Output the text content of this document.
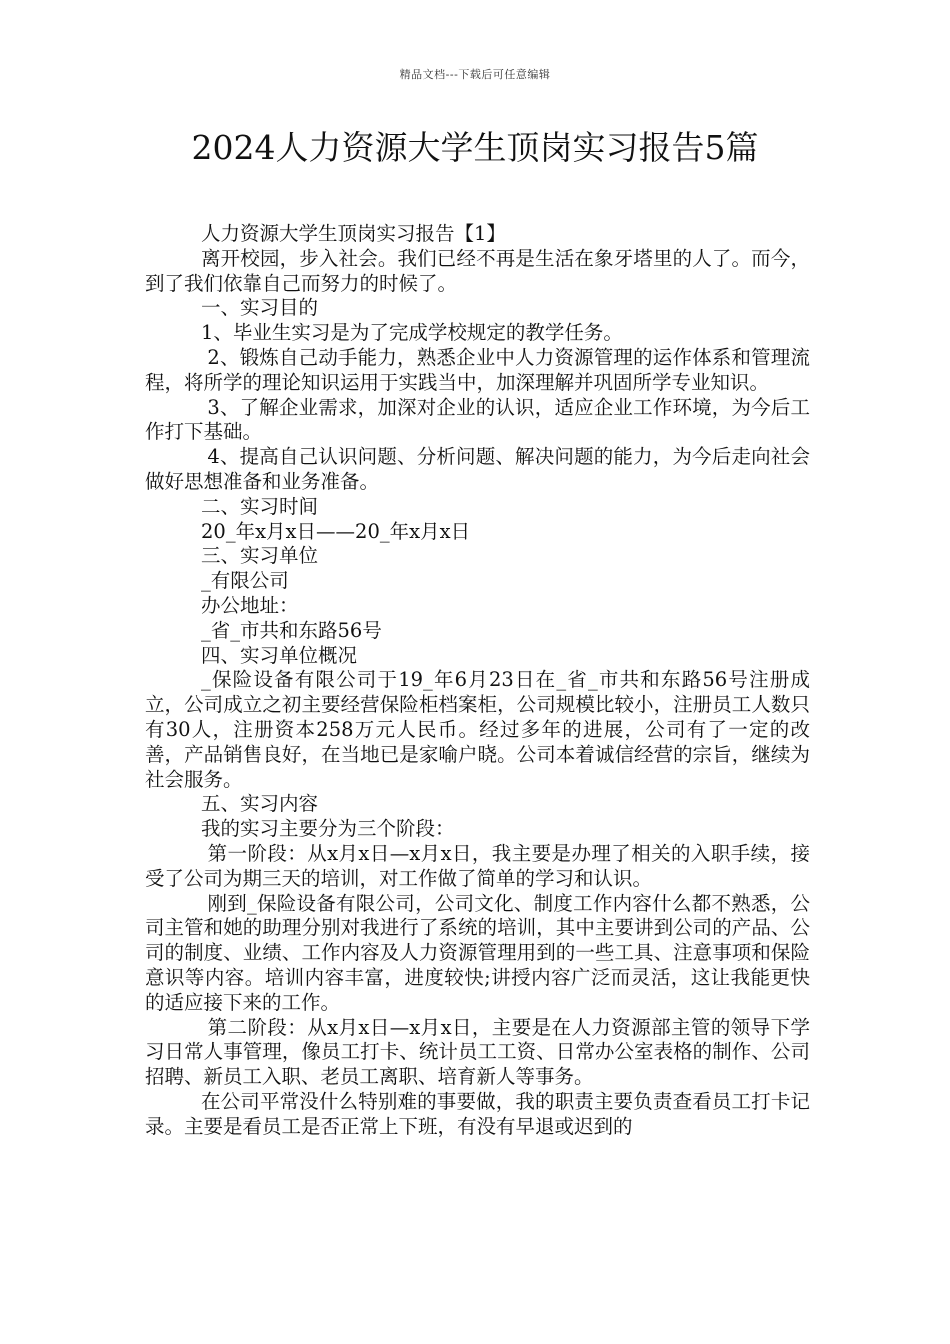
精品文档---下载后可任意编辑
2024人力资源大学生顶岗实习报告5篇

人力资源大学生顶岗实习报告【1】

离开校园，步入社会。我们已经不再是生活在象牙塔里的人了。而今，到了我们依靠自己而努力的时候了。

一、实习目的

1、毕业生实习是为了完成学校规定的教学任务。

2、锻炼自己动手能力，熟悉企业中人力资源管理的运作体系和管理流程，将所学的理论知识运用于实践当中，加深理解并巩固所学专业知识。

3、了解企业需求，加深对企业的认识，适应企业工作环境，为今后工作打下基础。

4、提高自己认识问题、分析问题、解决问题的能力，为今后走向社会做好思想准备和业务准备。

二、实习时间

20_年x月x日——20_年x月x日

三、实习单位

_有限公司

办公地址：

_省_市共和东路56号

四、实习单位概况

_保险设备有限公司于19_年6月23日在_省_市共和东路56号注册成立，公司成立之初主要经营保险柜档案柜，公司规模比较小，注册员工人数只有30人，注册资本258万元人民币。经过多年的进展，公司有了一定的改善，产品销售良好，在当地已是家喻户晓。公司本着诚信经营的宗旨，继续为社会服务。

五、实习内容

我的实习主要分为三个阶段：

第一阶段：从x月x日—x月x日，我主要是办理了相关的入职手续，接受了公司为期三天的培训，对工作做了简单的学习和认识。

刚到_保险设备有限公司，公司文化、制度工作内容什么都不熟悉，公司主管和她的助理分别对我进行了系统的培训，其中主要讲到公司的产品、公司的制度、业绩、工作内容及人力资源管理用到的一些工具、注意事项和保险意识等内容。培训内容丰富，进度较快;讲授内容广泛而灵活，这让我能更快的适应接下来的工作。

第二阶段：从x月x日—x月x日，主要是在人力资源部主管的领导下学习日常人事管理，像员工打卡、统计员工工资、日常办公室表格的制作、公司招聘、新员工入职、老员工离职、培育新人等事务。

在公司平常没什么特别难的事要做，我的职责主要负责查看员工打卡记录。主要是看员工是否正常上下班，有没有早退或迟到的
